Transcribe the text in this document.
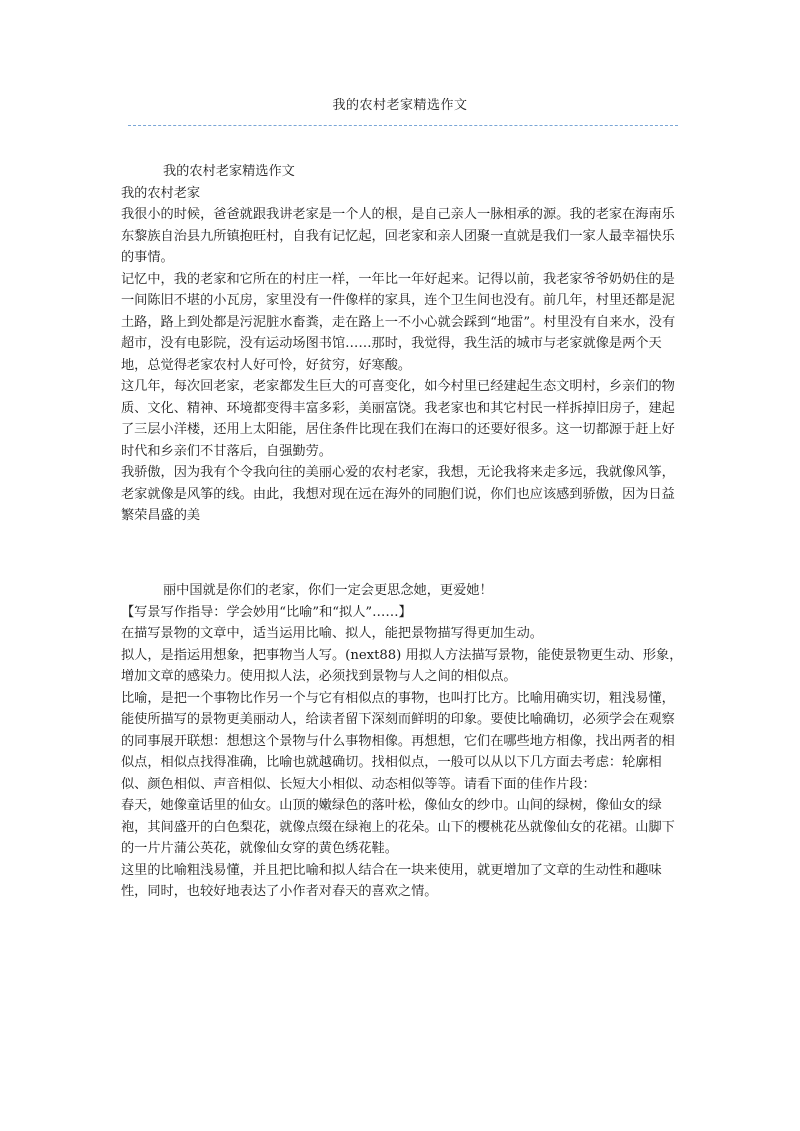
我的农村老家精选作文

我的农村老家精选作文

我的农村老家

我很小的时候，爸爸就跟我讲老家是一个人的根，是自己亲人一脉相承的源。我的老家在海南乐东黎族自治县九所镇抱旺村，自我有记忆起，回老家和亲人团聚一直就是我们一家人最幸福快乐的事情。

记忆中，我的老家和它所在的村庄一样，一年比一年好起来。记得以前，我老家爷爷奶奶住的是一间陈旧不堪的小瓦房，家里没有一件像样的家具，连个卫生间也没有。前几年，村里还都是泥土路，路上到处都是污泥脏水畜粪，走在路上一不小心就会踩到“地雷”。村里没有自来水，没有超市，没有电影院，没有运动场图书馆……那时，我觉得，我生活的城市与老家就像是两个天地，总觉得老家农村人好可怜，好贫穷，好寒酸。

这几年，每次回老家，老家都发生巨大的可喜变化，如今村里已经建起生态文明村，乡亲们的物质、文化、精神、环境都变得丰富多彩，美丽富饶。我老家也和其它村民一样拆掉旧房子，建起了三层小洋楼，还用上太阳能，居住条件比现在我们在海口的还要好很多。这一切都源于赶上好时代和乡亲们不甘落后，自强勤劳。

我骄傲，因为我有个令我向往的美丽心爱的农村老家，我想，无论我将来走多远，我就像风筝，老家就像是风筝的线。由此，我想对现在远在海外的同胞们说，你们也应该感到骄傲，因为日益繁荣昌盛的美

丽中国就是你们的老家，你们一定会更思念她，更爱她！

【写景写作指导：学会妙用“比喻”和“拟人”……】

在描写景物的文章中，适当运用比喻、拟人，能把景物描写得更加生动。

拟人，是指运用想象，把事物当人写。(next88) 用拟人方法描写景物，能使景物更生动、形象，增加文章的感染力。使用拟人法，必须找到景物与人之间的相似点。

比喻，是把一个事物比作另一个与它有相似点的事物，也叫打比方。比喻用确实切，粗浅易懂，能使所描写的景物更美丽动人，给读者留下深刻而鲜明的印象。要使比喻确切，必须学会在观察的同事展开联想：想想这个景物与什么事物相像。再想想，它们在哪些地方相像，找出两者的相似点，相似点找得准确，比喻也就越确切。找相似点，一般可以从以下几方面去考虑：轮廓相似、颜色相似、声音相似、长短大小相似、动态相似等等。请看下面的佳作片段：

春天，她像童话里的仙女。山顶的嫩绿色的落叶松，像仙女的纱巾。山间的绿树，像仙女的绿袍，其间盛开的白色梨花，就像点缀在绿袍上的花朵。山下的樱桃花丛就像仙女的花裙。山脚下的一片片蒲公英花，就像仙女穿的黄色绣花鞋。

这里的比喻粗浅易懂，并且把比喻和拟人结合在一块来使用，就更增加了文章的生动性和趣味性，同时，也较好地表达了小作者对春天的喜欢之情。
